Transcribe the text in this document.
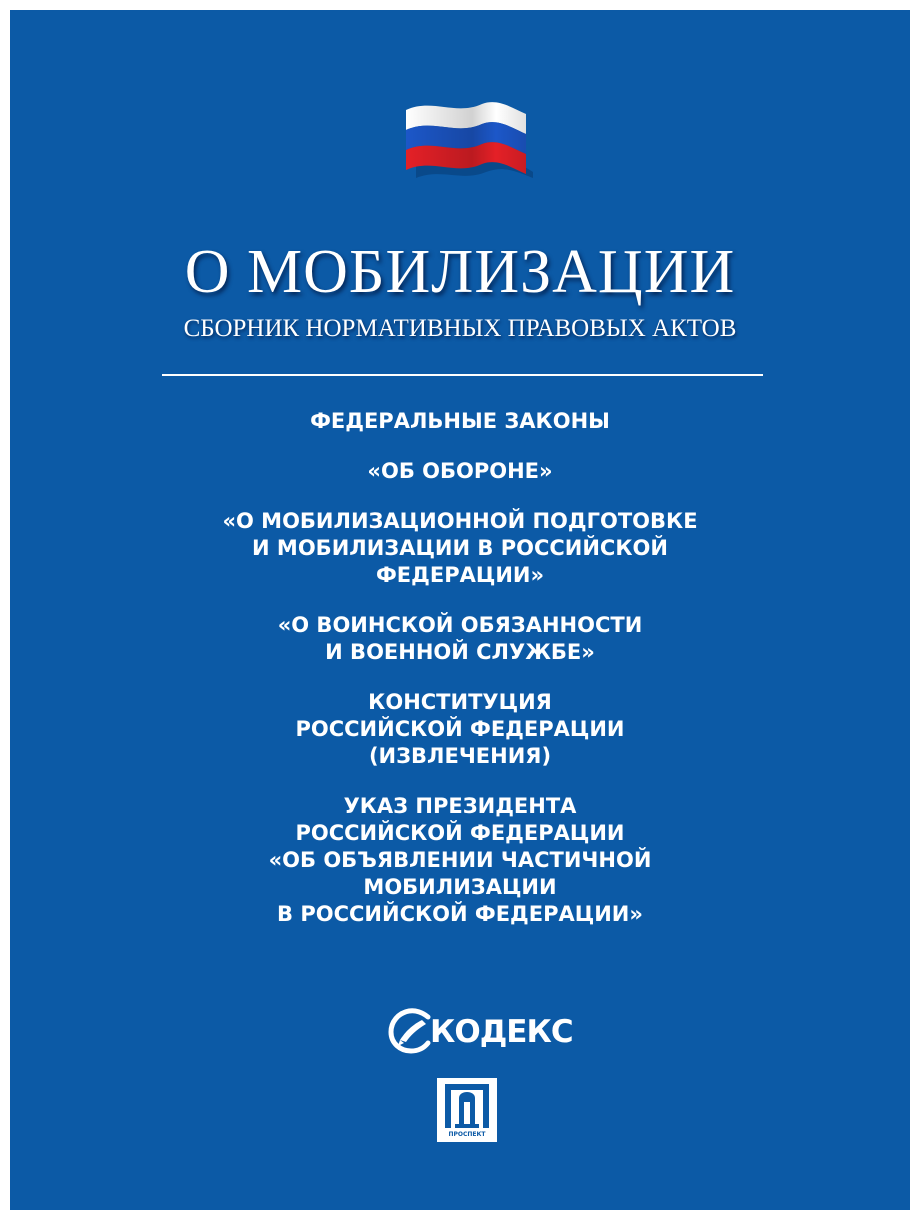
О МОБИЛИЗАЦИИ
СБОРНИК НОРМАТИВНЫХ ПРАВОВЫХ АКТОВ
ФЕДЕРАЛЬНЫЕ ЗАКОНЫ
«ОБ ОБОРОНЕ»
«О МОБИЛИЗАЦИОННОЙ ПОДГОТОВКЕ
И МОБИЛИЗАЦИИ В РОССИЙСКОЙ
ФЕДЕРАЦИИ»
«О ВОИНСКОЙ ОБЯЗАННОСТИ
И ВОЕННОЙ СЛУЖБЕ»
КОНСТИТУЦИЯ
РОССИЙСКОЙ ФЕДЕРАЦИИ
(ИЗВЛЕЧЕНИЯ)
УКАЗ ПРЕЗИДЕНТА
РОССИЙСКОЙ ФЕДЕРАЦИИ
«ОБ ОБЪЯВЛЕНИИ ЧАСТИЧНОЙ
МОБИЛИЗАЦИИ
В РОССИЙСКОЙ ФЕДЕРАЦИИ»
КОДЕКС
ПРОСПЕКТ
